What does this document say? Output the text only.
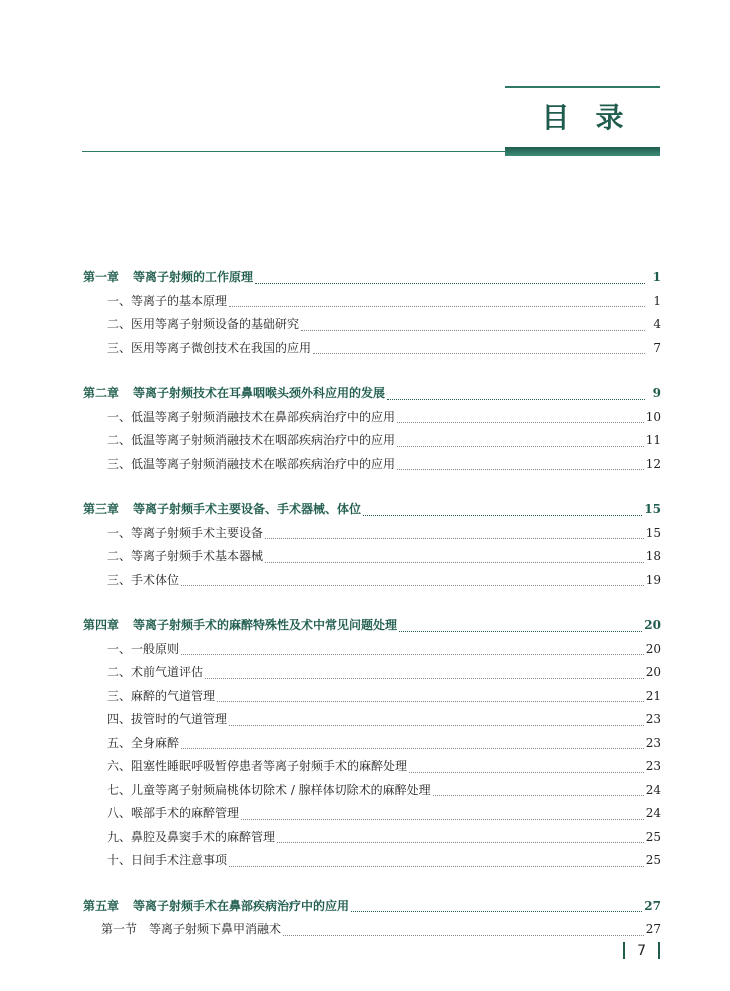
目录
第一章 等离子射频的工作原理	1
一、等离子的基本原理	1
二、医用等离子射频设备的基础研究	4
三、医用等离子微创技术在我国的应用	7
第二章 等离子射频技术在耳鼻咽喉头颈外科应用的发展	9
一、低温等离子射频消融技术在鼻部疾病治疗中的应用	10
二、低温等离子射频消融技术在咽部疾病治疗中的应用	11
三、低温等离子射频消融技术在喉部疾病治疗中的应用	12
第三章 等离子射频手术主要设备、手术器械、体位	15
一、等离子射频手术主要设备	15
二、等离子射频手术基本器械	18
三、手术体位	19
第四章 等离子射频手术的麻醉特殊性及术中常见问题处理	20
一、一般原则	20
二、术前气道评估	20
三、麻醉的气道管理	21
四、拔管时的气道管理	23
五、全身麻醉	23
六、阻塞性睡眠呼吸暂停患者等离子射频手术的麻醉处理	23
七、儿童等离子射频扁桃体切除术 / 腺样体切除术的麻醉处理	24
八、喉部手术的麻醉管理	24
九、鼻腔及鼻窦手术的麻醉管理	25
十、日间手术注意事项	25
第五章 等离子射频手术在鼻部疾病治疗中的应用	27
第一节　等离子射频下鼻甲消融术	27
7
